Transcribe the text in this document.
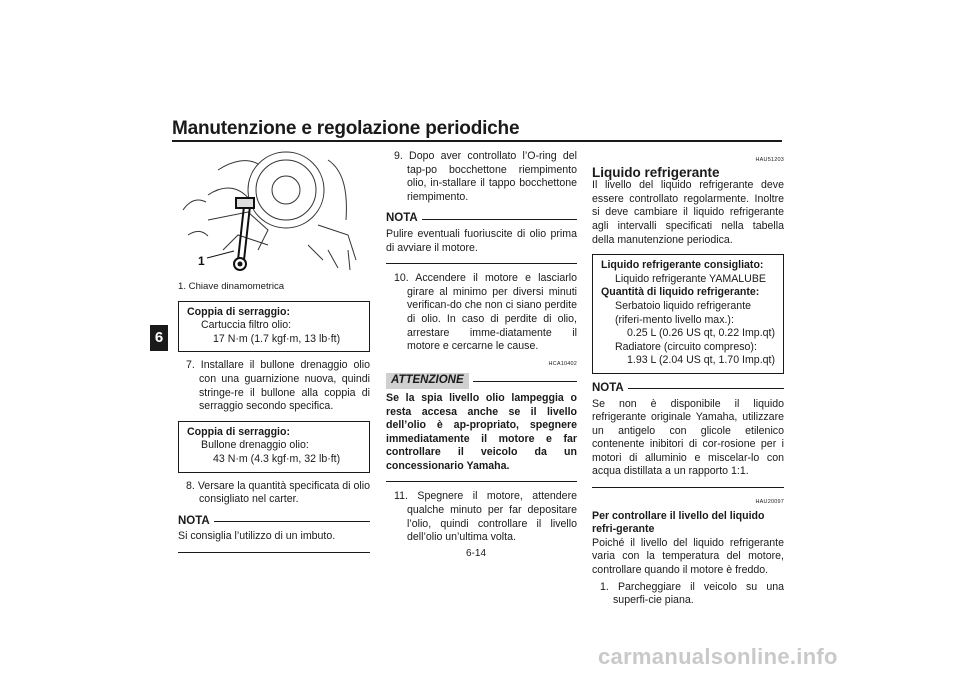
Manutenzione e regolazione periodiche
6
1
1. Chiave dinamometrica
Coppia di serraggio:
Cartuccia filtro olio:
17 N·m (1.7 kgf·m, 13 lb·ft)
7. Installare il bullone drenaggio olio con una guarnizione nuova, quindi stringe-re il bullone alla coppia di serraggio secondo specifica.
Coppia di serraggio:
Bullone drenaggio olio:
43 N·m (4.3 kgf·m, 32 lb·ft)
8. Versare la quantità specificata di olio consigliato nel carter.
NOTA
Si consiglia l’utilizzo di un imbuto.
9. Dopo aver controllato l’O-ring del tap-po bocchettone riempimento olio, in-stallare il tappo bocchettone riempimento.
NOTA
Pulire eventuali fuoriuscite di olio prima di avviare il motore.
10. Accendere il motore e lasciarlo girare al minimo per diversi minuti verifican-do che non ci siano perdite di olio. In caso di perdite di olio, arrestare imme-diatamente il motore e cercarne le cause.
HCA10402
ATTENZIONE
Se la spia livello olio lampeggia o resta accesa anche se il livello dell’olio è ap-propriato, spegnere immediatamente il motore e far controllare il veicolo da un concessionario Yamaha.
11. Spegnere il motore, attendere qualche minuto per far depositare l’olio, quindi controllare il livello dell’olio un’ultima volta.
HAU51203
Liquido refrigerante
Il livello del liquido refrigerante deve essere controllato regolarmente. Inoltre si deve cambiare il liquido refrigerante agli intervalli specificati nella tabella della manutenzione periodica.
Liquido refrigerante consigliato:
Liquido refrigerante YAMALUBE
Quantità di liquido refrigerante:
Serbatoio liquido refrigerante (riferi-mento livello max.):
0.25 L (0.26 US qt, 0.22 Imp.qt)
Radiatore (circuito compreso):
1.93 L (2.04 US qt, 1.70 Imp.qt)
NOTA
Se non è disponibile il liquido refrigerante originale Yamaha, utilizzare un antigelo con glicole etilenico contenente inibitori di cor-rosione per i motori di alluminio e miscelar-lo con acqua distillata a un rapporto 1:1.
HAU20097
Per controllare il livello del liquido refri-gerante
Poiché il livello del liquido refrigerante varia con la temperatura del motore, controllare quando il motore è freddo.
1. Parcheggiare il veicolo su una superfi-cie piana.
6-14
carmanualsonline.info
